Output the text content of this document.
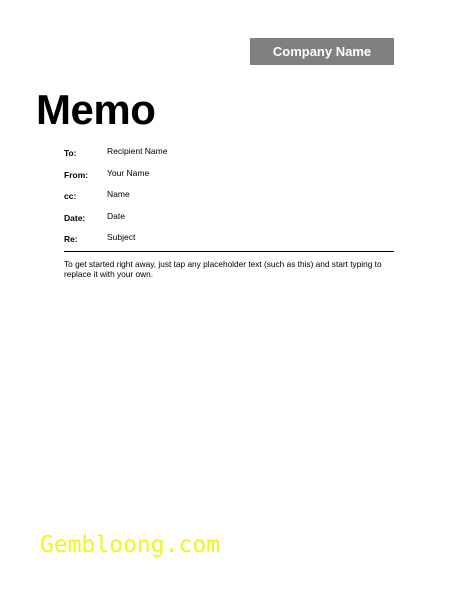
Company Name
Memo
To:	Recipient Name
From: Your Name
cc:	Name
Date:	Date
Re:	Subject

To get started right away, just tap any placeholder text (such as this) and start typing to replace it with your own.

Gembloong.com
